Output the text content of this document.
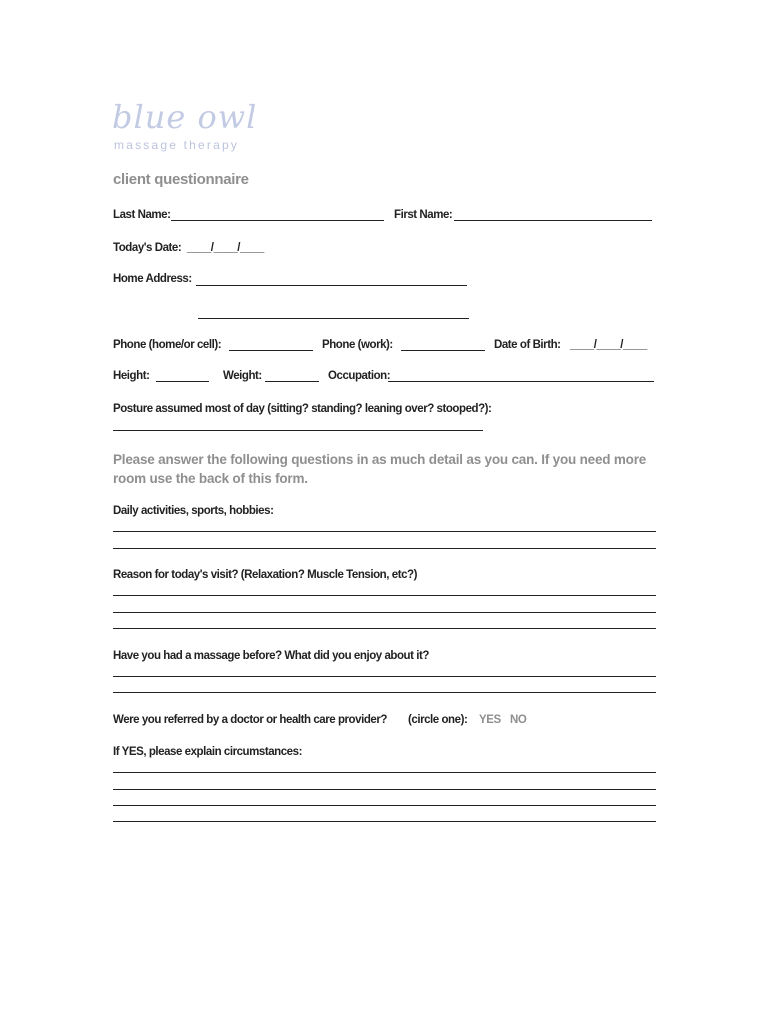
blue owl
massage therapy
client questionnaire
Last Name:	First Name:
Today's Date: ____/____/____
Home Address:
Phone (home/or cell):	Phone (work):	Date of Birth: ____/____/____
Height:	Weight:	Occupation:
Posture assumed most of day (sitting? standing? leaning over? stooped?):
Please answer the following questions in as much detail as you can. If you need more room use the back of this form.
Daily activities, sports, hobbies:
Reason for today's visit? (Relaxation? Muscle Tension, etc?)
Have you had a massage before? What did you enjoy about it?
Were you referred by a doctor or health care provider? (circle one): YES NO
If YES, please explain circumstances:
